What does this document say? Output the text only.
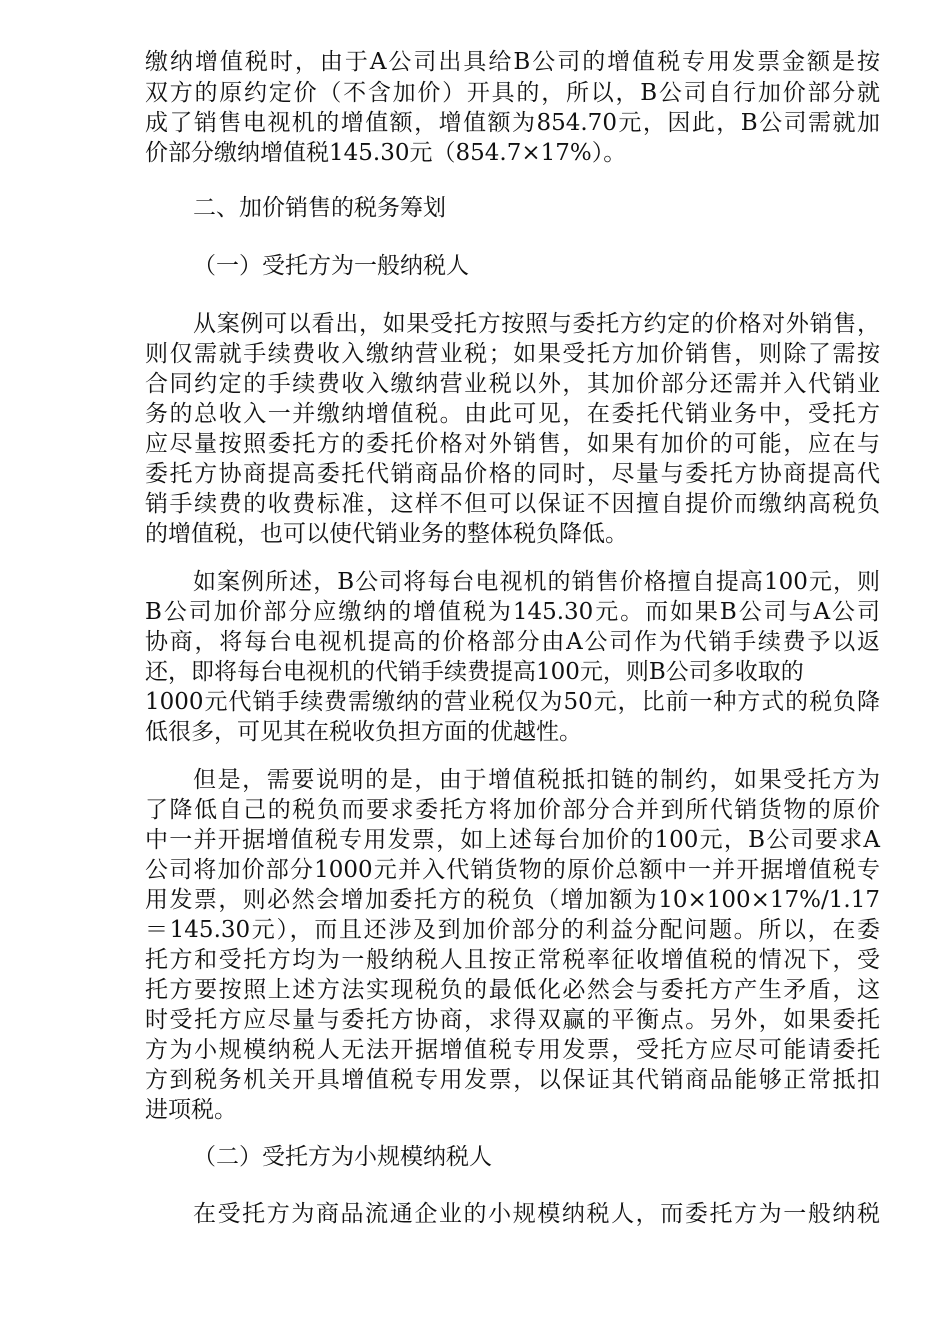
缴纳增值税时，由于A公司出具给B公司的增值税专用发票金额是按
双方的原约定价（不含加价）开具的，所以，B公司自行加价部分就
成了销售电视机的增值额，增值额为854.70元，因此，B公司需就加
价部分缴纳增值税145.30元（854.7×17%）。
二、加价销售的税务筹划
（一）受托方为一般纳税人
从案例可以看出，如果受托方按照与委托方约定的价格对外销售，
则仅需就手续费收入缴纳营业税；如果受托方加价销售，则除了需按
合同约定的手续费收入缴纳营业税以外，其加价部分还需并入代销业
务的总收入一并缴纳增值税。由此可见，在委托代销业务中，受托方
应尽量按照委托方的委托价格对外销售，如果有加价的可能，应在与
委托方协商提高委托代销商品价格的同时，尽量与委托方协商提高代
销手续费的收费标准，这样不但可以保证不因擅自提价而缴纳高税负
的增值税，也可以使代销业务的整体税负降低。
如案例所述，B公司将每台电视机的销售价格擅自提高100元，则
B公司加价部分应缴纳的增值税为145.30元。而如果B公司与A公司
协商，将每台电视机提高的价格部分由A公司作为代销手续费予以返
还，即将每台电视机的代销手续费提高100元，则B公司多收取的
1000元代销手续费需缴纳的营业税仅为50元，比前一种方式的税负降
低很多，可见其在税收负担方面的优越性。
但是，需要说明的是，由于增值税抵扣链的制约，如果受托方为
了降低自己的税负而要求委托方将加价部分合并到所代销货物的原价
中一并开据增值税专用发票，如上述每台加价的100元，B公司要求A
公司将加价部分1000元并入代销货物的原价总额中一并开据增值税专
用发票，则必然会增加委托方的税负（增加额为10×100×17%/1.17
＝145.30元），而且还涉及到加价部分的利益分配问题。所以，在委
托方和受托方均为一般纳税人且按正常税率征收增值税的情况下，受
托方要按照上述方法实现税负的最低化必然会与委托方产生矛盾，这
时受托方应尽量与委托方协商，求得双赢的平衡点。另外，如果委托
方为小规模纳税人无法开据增值税专用发票，受托方应尽可能请委托
方到税务机关开具增值税专用发票，以保证其代销商品能够正常抵扣
进项税。
（二）受托方为小规模纳税人
在受托方为商品流通企业的小规模纳税人，而委托方为一般纳税
